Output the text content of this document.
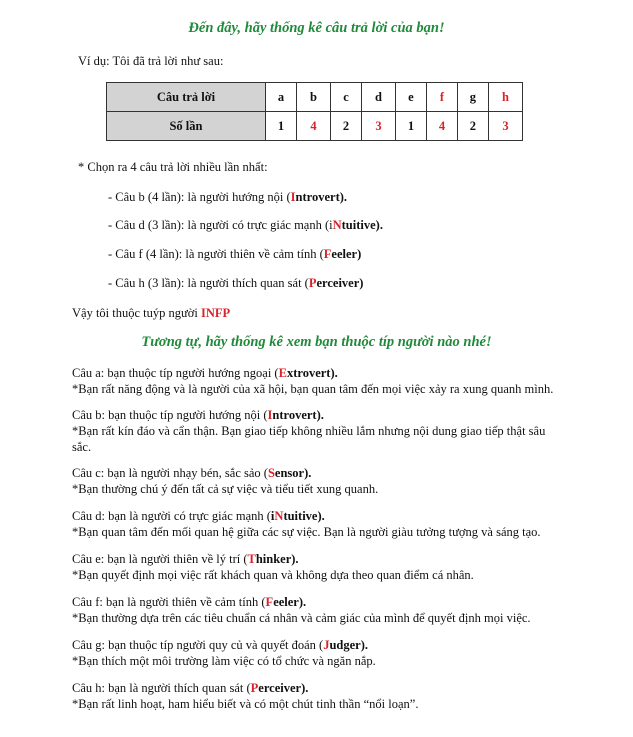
Đến đây, hãy thống kê câu trả lời của bạn!
Ví dụ: Tôi đã trả lời như sau:
Câu trả lời	a	b	c	d	e	f	g	h
Số lần	1	4	2	3	1	4	2	3
* Chọn ra 4 câu trả lời nhiều lần nhất:
- Câu b (4 lần): là người hướng nội (Introvert).
- Câu d (3 lần): là người có trực giác mạnh (iNtuitive).
- Câu f (4 lần): là người thiên về cảm tính (Feeler)
- Câu h (3 lần): là người thích quan sát (Perceiver)
Vậy tôi thuộc tuýp người INFP
Tương tự, hãy thống kê xem bạn thuộc típ người nào nhé!
Câu a: bạn thuộc típ người hướng ngoại (Extrovert).
*Bạn rất năng động và là người của xã hội, bạn quan tâm đến mọi việc xảy ra xung quanh mình.
Câu b: bạn thuộc típ người hướng nội (Introvert).
*Bạn rất kín đáo và cẩn thận. Bạn giao tiếp không nhiều lắm nhưng nội dung giao tiếp thật sâu sắc.
Câu c: bạn là người nhạy bén, sắc sảo (Sensor).
*Bạn thường chú ý đến tất cả sự việc và tiểu tiết xung quanh.
Câu d: bạn là người có trực giác mạnh (iNtuitive).
*Bạn quan tâm đến mối quan hệ giữa các sự việc. Bạn là người giàu tưởng tượng và sáng tạo.
Câu e: bạn là người thiên về lý trí (Thinker).
*Bạn quyết định mọi việc rất khách quan và không dựa theo quan điểm cá nhân.
Câu f: bạn là người thiên về cảm tính (Feeler).
*Bạn thường dựa trên các tiêu chuẩn cá nhân và cảm giác của mình để quyết định mọi việc.
Câu g: bạn thuộc típ người quy củ và quyết đoán (Judger).
*Bạn thích một môi trường làm việc có tổ chức và ngăn nắp.
Câu h: bạn là người thích quan sát (Perceiver).
*Bạn rất linh hoạt, ham hiểu biết và có một chút tinh thần “nổi loạn”.
